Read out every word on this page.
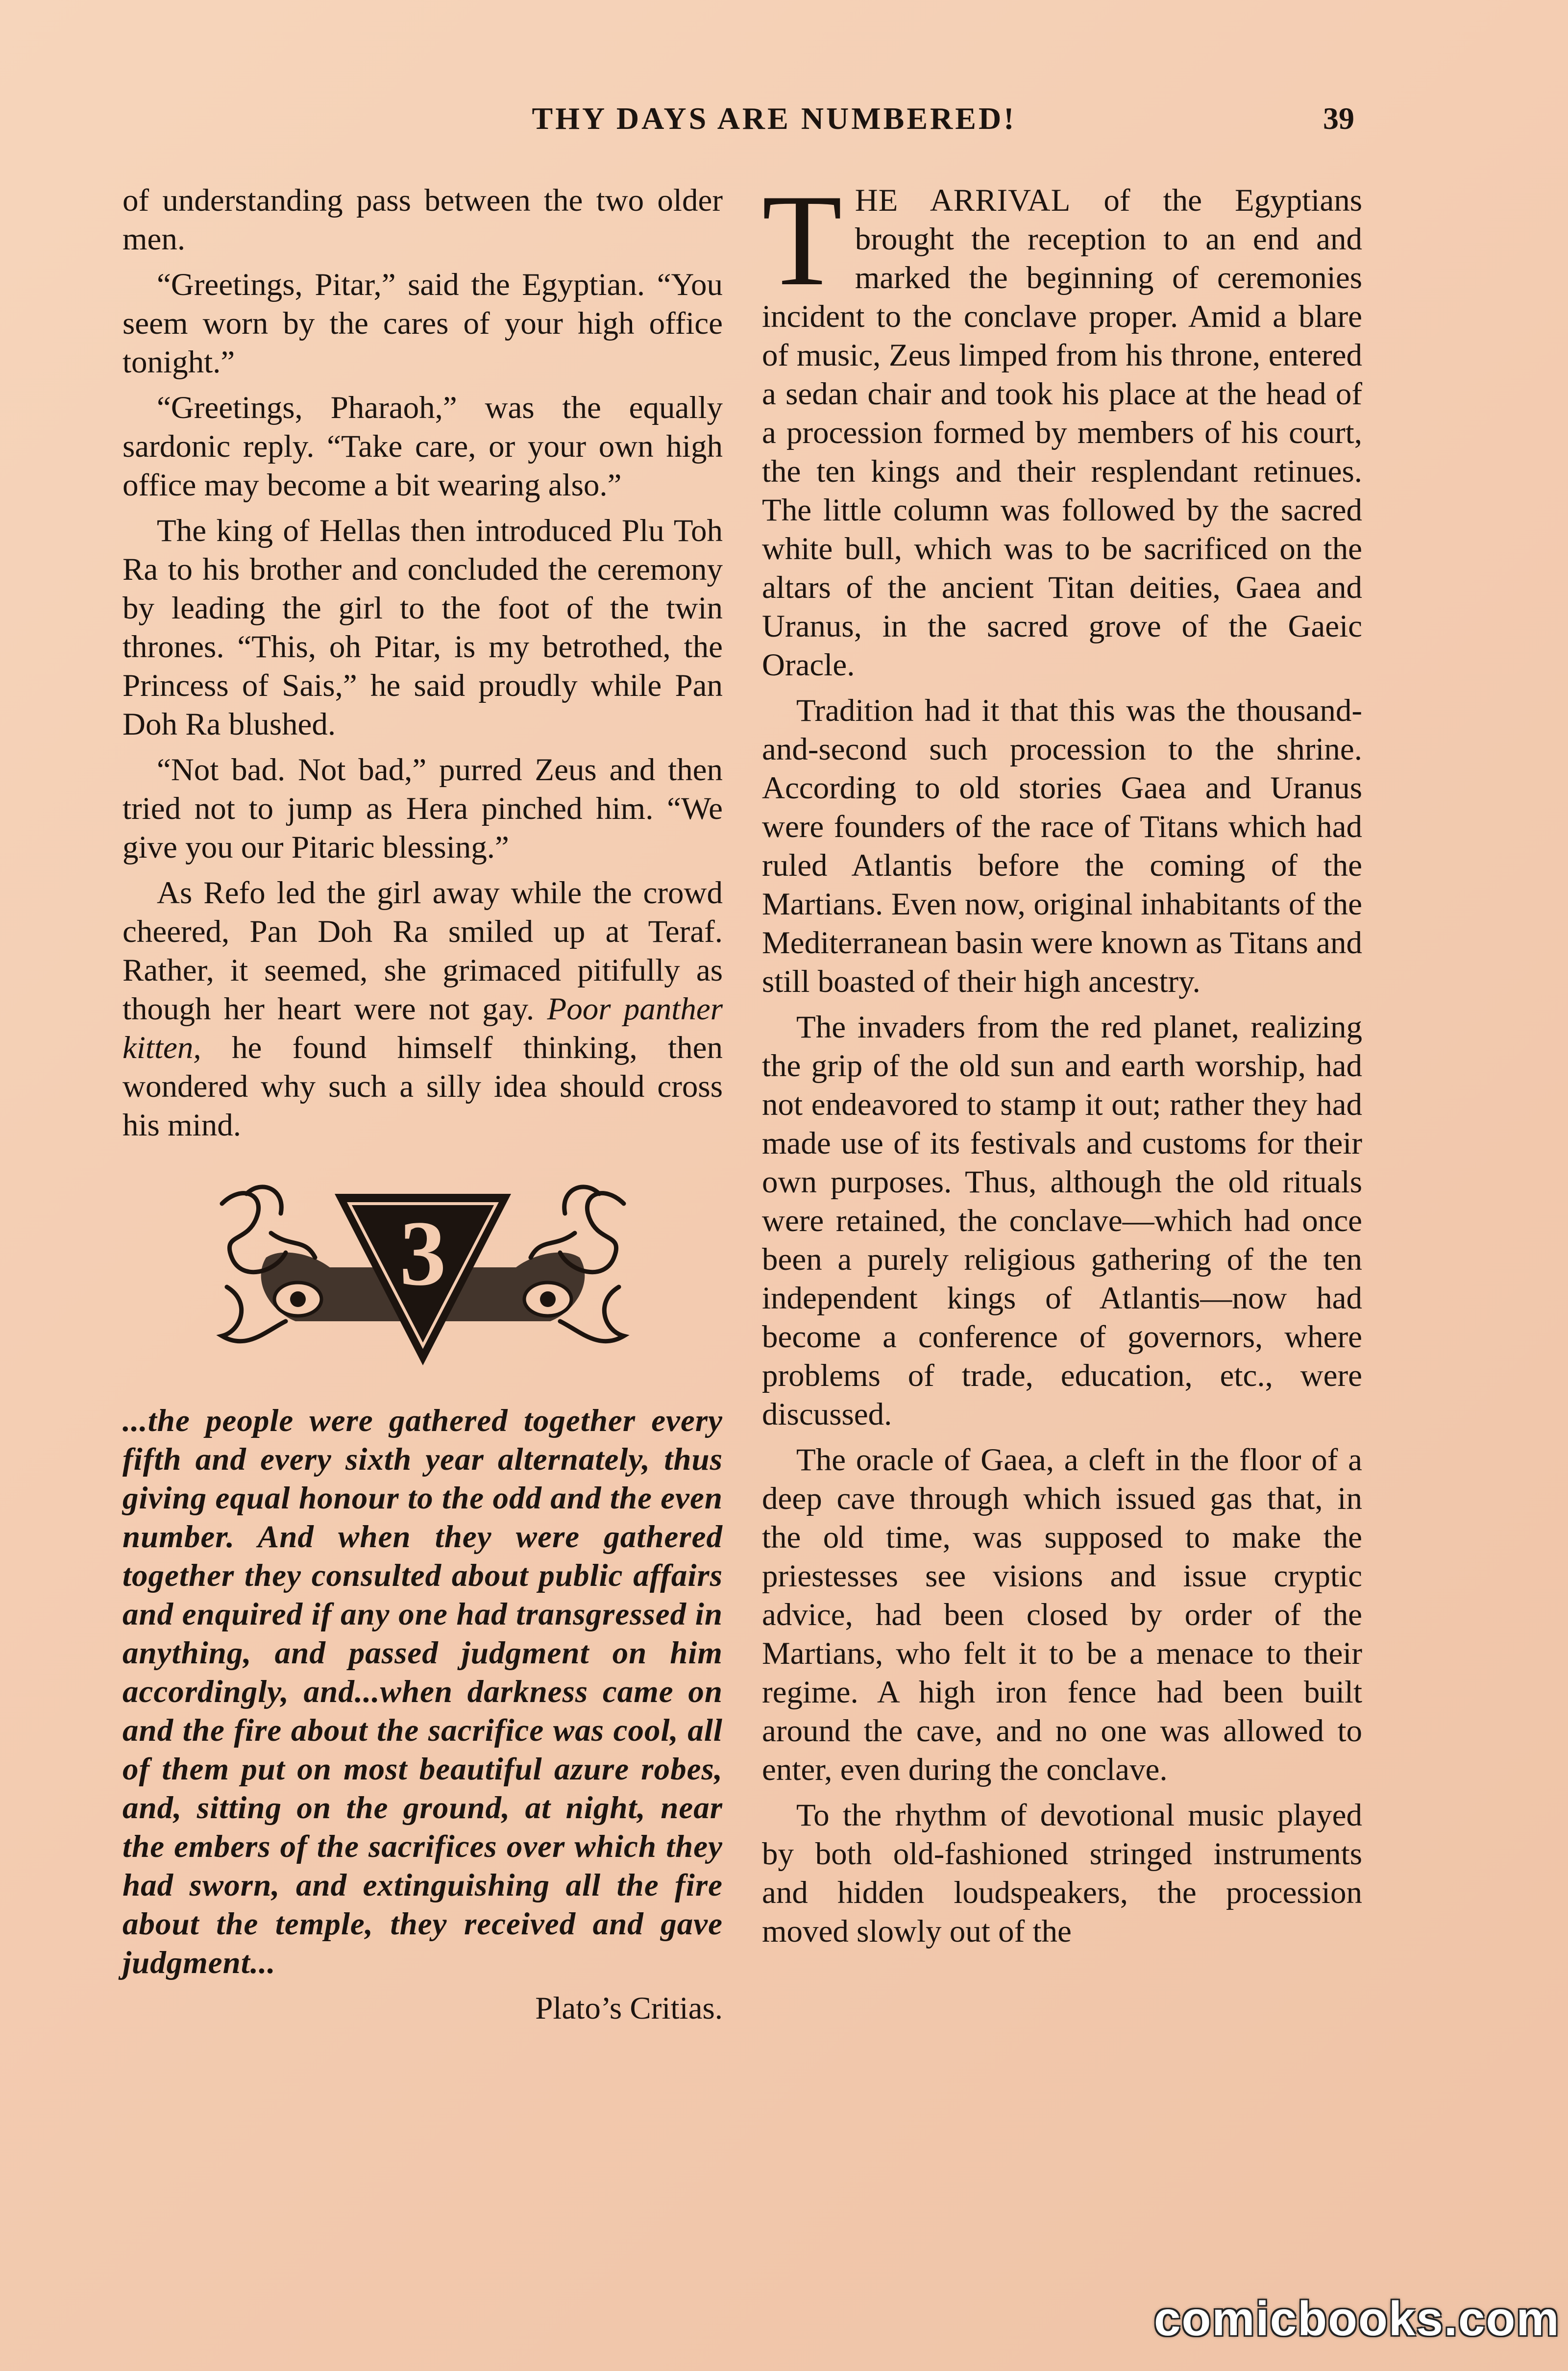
THY DAYS ARE NUMBERED!	39

of understanding pass between the two older men.

“Greetings, Pitar,” said the Egyptian. “You seem worn by the cares of your high office tonight.”

“Greetings, Pharaoh,” was the equally sardonic reply. “Take care, or your own high office may become a bit wearing also.”

The king of Hellas then introduced Plu Toh Ra to his brother and concluded the ceremony by leading the girl to the foot of the twin thrones. “This, oh Pitar, is my betrothed, the Princess of Sais,” he said proudly while Pan Doh Ra blushed.

“Not bad. Not bad,” purred Zeus and then tried not to jump as Hera pinched him. “We give you our Pitaric blessing.”

As Refo led the girl away while the crowd cheered, Pan Doh Ra smiled up at Teraf. Rather, it seemed, she grimaced pitifully as though her heart were not gay. Poor panther kitten, he found himself thinking, then wondered why such a silly idea should cross his mind.

3

...the people were gathered together every fifth and every sixth year alternately, thus giving equal honour to the odd and the even number. And when they were gathered together they consulted about public affairs and enquired if any one had transgressed in anything, and passed judgment on him accordingly, and...when darkness came on and the fire about the sacrifice was cool, all of them put on most beautiful azure robes, and, sitting on the ground, at night, near the embers of the sacrifices over which they had sworn, and extinguishing all the fire about the temple, they received and gave judgment...

Plato’s Critias.

THE ARRIVAL of the Egyptians brought the reception to an end and marked the beginning of ceremonies incident to the conclave proper. Amid a blare of music, Zeus limped from his throne, entered a sedan chair and took his place at the head of a procession formed by members of his court, the ten kings and their resplendant retinues. The little column was followed by the sacred white bull, which was to be sacrificed on the altars of the ancient Titan deities, Gaea and Uranus, in the sacred grove of the Gaeic Oracle.

Tradition had it that this was the thousand-and-second such procession to the shrine. According to old stories Gaea and Uranus were founders of the race of Titans which had ruled Atlantis before the coming of the Martians. Even now, original inhabitants of the Mediterranean basin were known as Titans and still boasted of their high ancestry.

The invaders from the red planet, realizing the grip of the old sun and earth worship, had not endeavored to stamp it out; rather they had made use of its festivals and customs for their own purposes. Thus, although the old rituals were retained, the conclave—which had once been a purely religious gathering of the ten independent kings of Atlantis—now had become a conference of governors, where problems of trade, education, etc., were discussed.

The oracle of Gaea, a cleft in the floor of a deep cave through which issued gas that, in the old time, was supposed to make the priestesses see visions and issue cryptic advice, had been closed by order of the Martians, who felt it to be a menace to their regime. A high iron fence had been built around the cave, and no one was allowed to enter, even during the conclave.

To the rhythm of devotional music played by both old-fashioned stringed instruments and hidden loudspeakers, the procession moved slowly out of the

comicbooks.com
